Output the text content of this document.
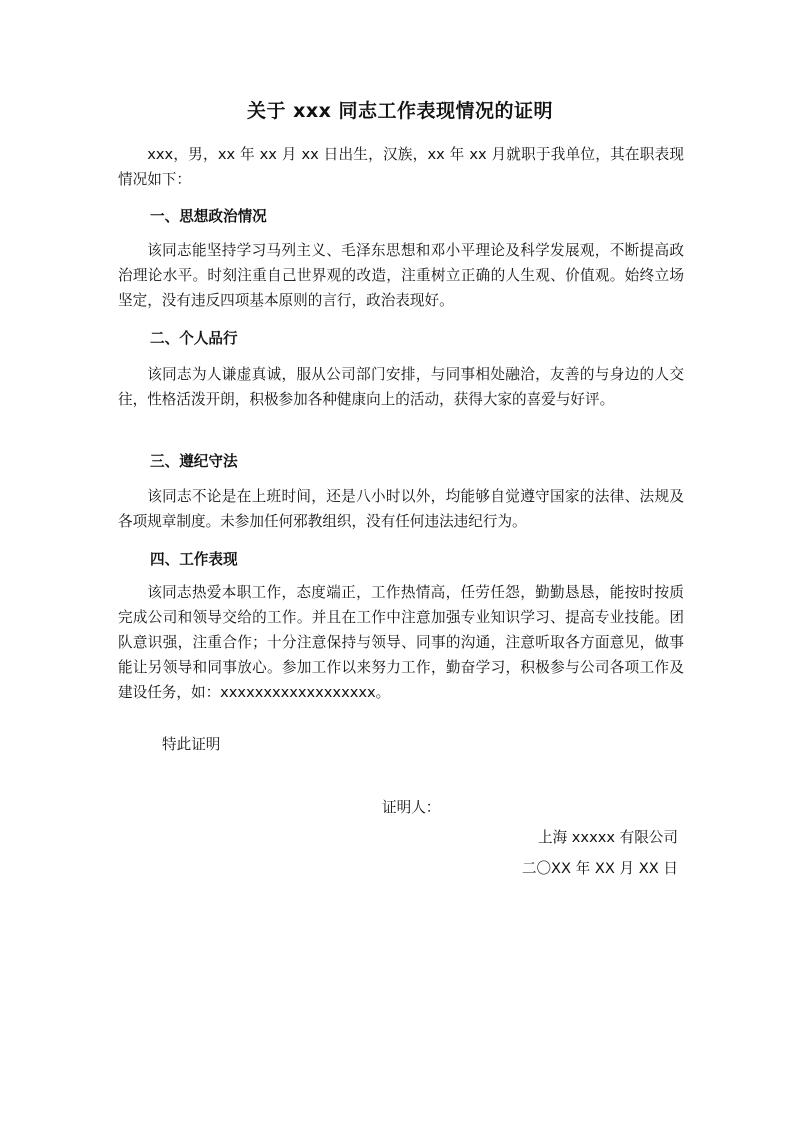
关于 xxx 同志工作表现情况的证明

xxx，男，xx 年 xx 月 xx 日出生，汉族，xx 年 xx 月就职于我单位，其在职表现情况如下：

一、思想政治情况

该同志能坚持学习马列主义、毛泽东思想和邓小平理论及科学发展观，不断提高政治理论水平。时刻注重自己世界观的改造，注重树立正确的人生观、价值观。始终立场坚定，没有违反四项基本原则的言行，政治表现好。

二、个人品行

该同志为人谦虚真诚，服从公司部门安排，与同事相处融洽，友善的与身边的人交往，性格活泼开朗，积极参加各种健康向上的活动，获得大家的喜爱与好评。

三、遵纪守法

该同志不论是在上班时间，还是八小时以外，均能够自觉遵守国家的法律、法规及各项规章制度。未参加任何邪教组织，没有任何违法违纪行为。

四、工作表现

该同志热爱本职工作，态度端正，工作热情高，任劳任怨，勤勤恳恳，能按时按质完成公司和领导交给的工作。并且在工作中注意加强专业知识学习、提高专业技能。团队意识强，注重合作；十分注意保持与领导、同事的沟通，注意听取各方面意见，做事能让另领导和同事放心。参加工作以来努力工作，勤奋学习，积极参与公司各项工作及建设任务，如：xxxxxxxxxxxxxxxxxx。

特此证明
证明人：
上海 xxxxx 有限公司
二〇XX 年 XX 月 XX 日
